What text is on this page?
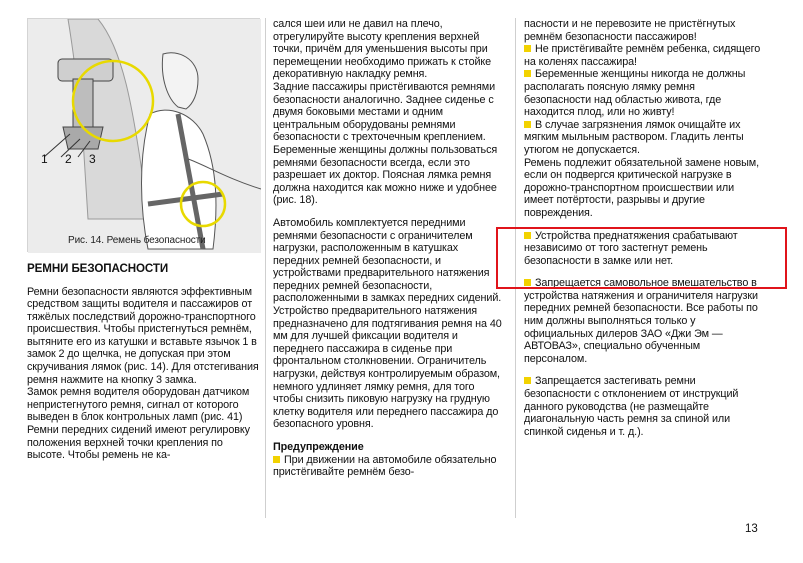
1 2 3
Рис. 14. Ремень безопасности

РЕМНИ БЕЗОПАСНОСТИ

Ремни безопасности являются эффективным средством защиты водителя и пассажиров от тяжёлых последствий дорожно-транспортного происшествия. Чтобы пристегнуться ремнём, вытяните его из катушки и вставьте язычок 1 в замок 2 до щелчка, не допуская при этом скручивания лямок (рис. 14). Для отстегивания ремня нажмите на кнопку 3 замка.

Замок ремня водителя оборудован датчиком непристегнутого ремня, сигнал от которого выведен в блок контрольных ламп (рис. 41)

Ремни передних сидений имеют регулировку положения верхней точки крепления по высоте. Чтобы ремень не ка-

сался шеи или не давил на плечо, отрегулируйте высоту крепления верхней точки, причём для уменьшения высоты при перемещении необходимо прижать к стойке декоративную накладку ремня.

Задние пассажиры пристёгиваются ремнями безопасности аналогично. Заднее сиденье с двумя боковыми местами и одним центральным оборудованы ремнями безопасности с трехточечным креплением.

Беременные женщины должны пользоваться ремнями безопасности всегда, если это разрешает их доктор. Поясная лямка ремня должна находится как можно ниже и удобнее (рис. 18).

Автомобиль комплектуется передними ремнями безопасности с ограничителем нагрузки, расположенным в катушках передних ремней безопасности, и устройствами предварительного натяжения передних ремней безопасности, расположенными в замках передних сидений. Устройство предварительного натяжения предназначено для подтягивания ремня на 40 мм для лучшей фиксации водителя и переднего пассажира в сиденье при фронтальном столкновении. Ограничитель нагрузки, действуя контролируемым образом, немного удлиняет лямку ремня, для того чтобы снизить пиковую нагрузку на грудную клетку водителя или переднего пассажира до безопасного уровня.

Предупреждение

При движении на автомобиле обязательно пристёгивайте ремнём безо-

пасности и не перевозите не пристёгнутых ремнём безопасности пассажиров!

Не пристёгивайте ремнём ребенка, сидящего на коленях пассажира!

Беременные женщины никогда не должны располагать поясную лямку ремня безопасности над областью живота, где находится плод, или но живту!

В случае загрязнения лямок очищайте их мягким мыльным раствором. Гладить ленты утюгом не допускается.

Ремень подлежит обязательной замене новым, если он подвергся критической нагрузке в дорожно-транспортном происшествии или имеет потёртости, разрывы и другие повреждения.

Устройства преднатяжения срабатывают независимо от того застегнут ремень безопасности в замке или нет.

Запрещается самовольное вмешательство в устройства натяжения и ограничителя нагрузки передних ремней безопасности. Все работы по ним должны выполняться только у официальных дилеров ЗАО «Джи Эм — АВТОВАЗ», специально обученным персоналом.

Запрещается застегивать ремни безопасности с отклонением от инструкций данного руководства (не размещайте диагональную часть ремня за спиной или спинкой сиденья и т. д.).

13
